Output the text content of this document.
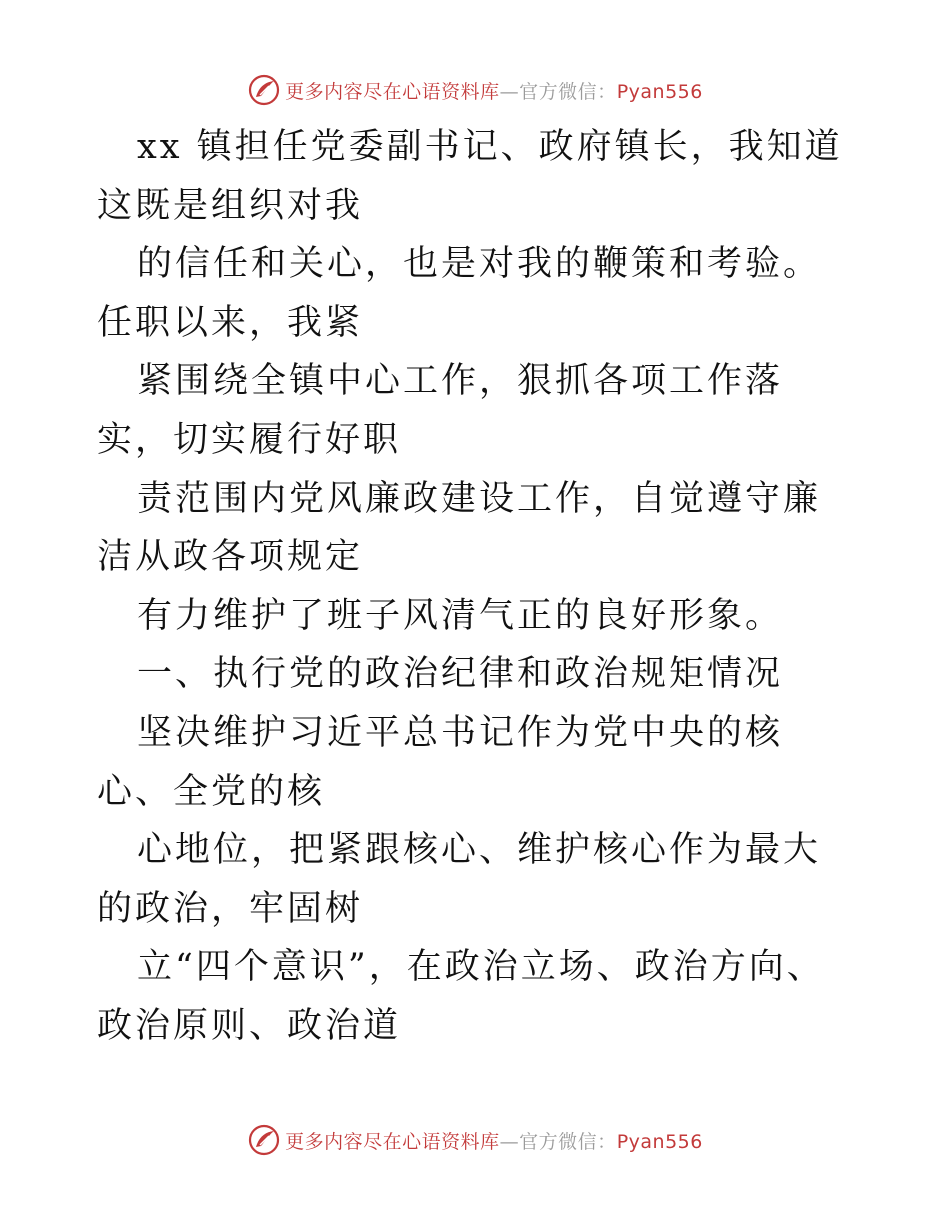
更多内容尽在心语资料库—官方微信：Pyan556

xx 镇担任党委副书记、政府镇长，我知道这既是组织对我

的信任和关心，也是对我的鞭策和考验。任职以来，我紧

紧围绕全镇中心工作，狠抓各项工作落实，切实履行好职

责范围内党风廉政建设工作，自觉遵守廉洁从政各项规定

有力维护了班子风清气正的良好形象。

一、执行党的政治纪律和政治规矩情况

坚决维护习近平总书记作为党中央的核心、全党的核

心地位，把紧跟核心、维护核心作为最大的政治，牢固树

立“四个意识”，在政治立场、政治方向、政治原则、政治道

更多内容尽在心语资料库—官方微信：Pyan556
